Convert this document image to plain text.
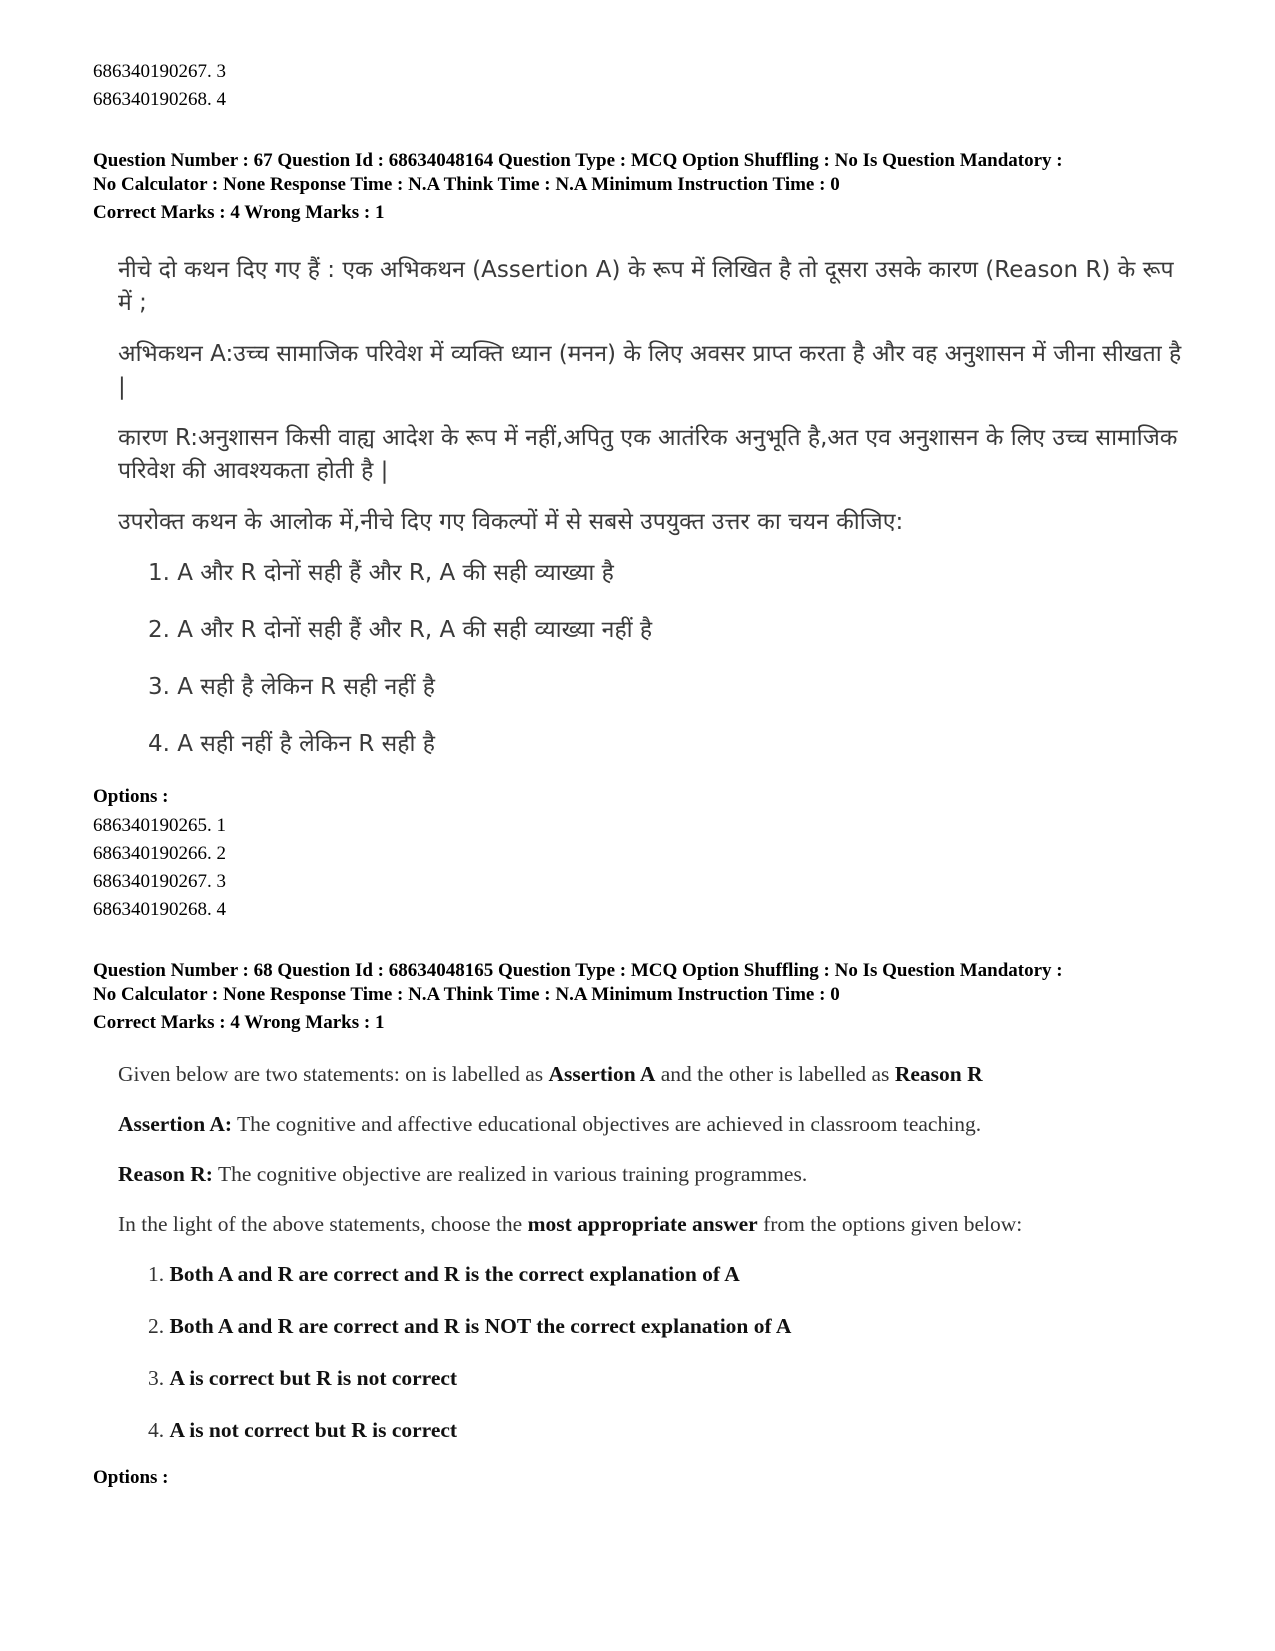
686340190267. 3
686340190268. 4
Question Number : 67 Question Id : 68634048164 Question Type : MCQ Option Shuffling : No Is Question Mandatory :
No Calculator : None Response Time : N.A Think Time : N.A Minimum Instruction Time : 0
Correct Marks : 4 Wrong Marks : 1

नीचे दो कथन दिए गए हैं : एक अभिकथन (Assertion A) के रूप में लिखित है तो दूसरा उसके कारण (Reason R) के रूप में ;

अभिकथन A:उच्च सामाजिक परिवेश में व्यक्ति ध्यान (मनन) के लिए अवसर प्राप्त करता है और वह अनुशासन में जीना सीखता है |

कारण R:अनुशासन किसी वाह्य आदेश के रूप में नहीं,अपितु एक आतंरिक अनुभूति है,अत एव अनुशासन के लिए उच्च सामाजिक परिवेश की आवश्यकता होती है |

उपरोक्त कथन के आलोक में,नीचे दिए गए विकल्पों में से सबसे उपयुक्त उत्तर का चयन कीजिए:

1. A और R दोनों सही हैं और R, A की सही व्याख्या है
2. A और R दोनों सही हैं और R, A की सही व्याख्या नहीं है
3. A सही है लेकिन R सही नहीं है
4. A सही नहीं है लेकिन R सही है
Options :
686340190265. 1
686340190266. 2
686340190267. 3
686340190268. 4
Question Number : 68 Question Id : 68634048165 Question Type : MCQ Option Shuffling : No Is Question Mandatory :
No Calculator : None Response Time : N.A Think Time : N.A Minimum Instruction Time : 0
Correct Marks : 4 Wrong Marks : 1

Given below are two statements: on is labelled as Assertion A and the other is labelled as Reason R

Assertion A: The cognitive and affective educational objectives are achieved in classroom teaching.

Reason R: The cognitive objective are realized in various training programmes.

In the light of the above statements, choose the most appropriate answer from the options given below:

1. Both A and R are correct and R is the correct explanation of A
2. Both A and R are correct and R is NOT the correct explanation of A
3. A is correct but R is not correct
4. A is not correct but R is correct
Options :
